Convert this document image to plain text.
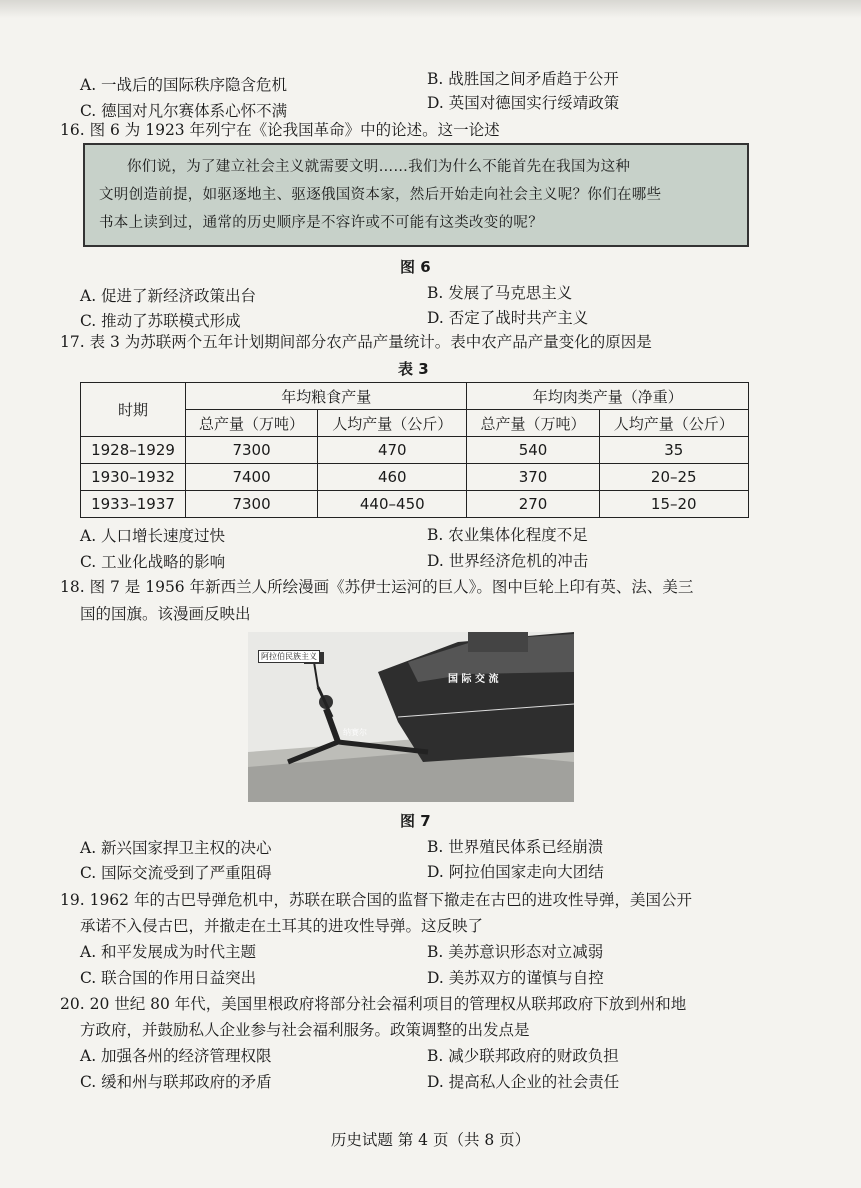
A. 一战后的国际秩序隐含危机	B. 战胜国之间矛盾趋于公开
C. 德国对凡尔赛体系心怀不满	D. 英国对德国实行绥靖政策
16. 图 6 为 1923 年列宁在《论我国革命》中的论述。这一论述
你们说，为了建立社会主义就需要文明……我们为什么不能首先在我国为这种
文明创造前提，如驱逐地主、驱逐俄国资本家，然后开始走向社会主义呢？你们在哪些
书本上读到过，通常的历史顺序是不容许或不可能有这类改变的呢？
图 6
A. 促进了新经济政策出台	B. 发展了马克思主义
C. 推动了苏联模式形成	D. 否定了战时共产主义
17. 表 3 为苏联两个五年计划期间部分农产品产量统计。表中农产品产量变化的原因是
表 3
时期	年均粮食产量		年均肉类产量（净重）	
	总产量（万吨）	人均产量（公斤）	总产量（万吨）	人均产量（公斤）
1928–1929	7300	470	540	35
1930–1932	7400	460	370	20–25
1933–1937	7300	440–450	270	15–20
A. 人口增长速度过快	B. 农业集体化程度不足
C. 工业化战略的影响	D. 世界经济危机的冲击
18. 图 7 是 1956 年新西兰人所绘漫画《苏伊士运河的巨人》。图中巨轮上印有英、法、美三
国的国旗。该漫画反映出
阿拉伯民族主义
国 际 交 流
纳赛尔
图 7
A. 新兴国家捍卫主权的决心	B. 世界殖民体系已经崩溃
C. 国际交流受到了严重阻碍	D. 阿拉伯国家走向大团结
19. 1962 年的古巴导弹危机中，苏联在联合国的监督下撤走在古巴的进攻性导弹，美国公开
承诺不入侵古巴，并撤走在土耳其的进攻性导弹。这反映了
A. 和平发展成为时代主题	B. 美苏意识形态对立减弱
C. 联合国的作用日益突出	D. 美苏双方的谨慎与自控
20. 20 世纪 80 年代，美国里根政府将部分社会福利项目的管理权从联邦政府下放到州和地
方政府，并鼓励私人企业参与社会福利服务。政策调整的出发点是
A. 加强各州的经济管理权限	B. 减少联邦政府的财政负担
C. 缓和州与联邦政府的矛盾	D. 提高私人企业的社会责任
历史试题 第 4 页（共 8 页）
